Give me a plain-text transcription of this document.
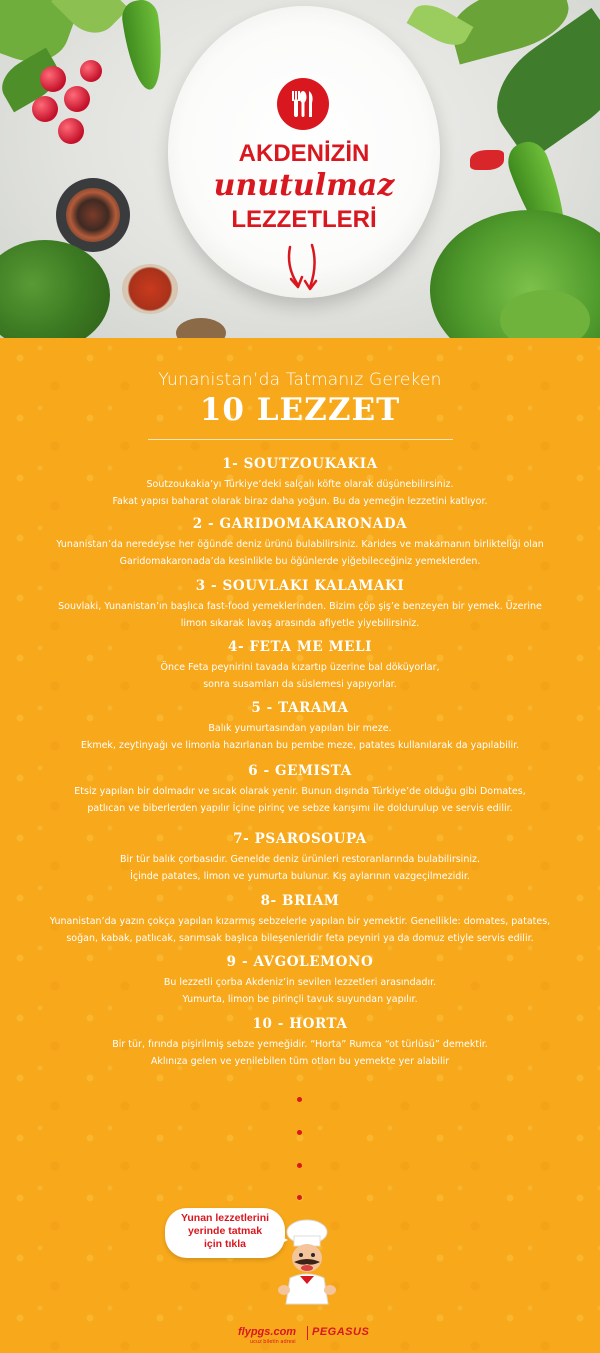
AKDENİZİN
unutulmaz
LEZZETLERİ
Yunanistan’da Tatmanız Gereken
10 LEZZET
1- SOUTZOUKAKIA
Soutzoukakia’yı Türkiye’deki salçalı köfte olarak düşünebilirsiniz.
Fakat yapısı baharat olarak biraz daha yoğun. Bu da yemeğin lezzetini katlıyor.
2 - GARIDOMAKARONADA
Yunanistan’da neredeyse her öğünde deniz ürünü bulabilirsiniz. Karides ve makarnanın birlikteliği olan
Garidomakaronada’da kesinlikle bu öğünlerde yiğebileceğiniz yemeklerden.
3 - SOUVLAKI KALAMAKI
Souvlaki, Yunanistan’ın başlıca fast-food yemeklerinden. Bizim çöp şiş’e benzeyen bir yemek. Üzerine
limon sıkarak lavaş arasında afiyetle yiyebilirsiniz.
4- FETA ME MELI
Önce Feta peynirini tavada kızartıp üzerine bal döküyorlar,
sonra susamları da süslemesi yapıyorlar.
5 - TARAMA
Balık yumurtasından yapılan bir meze.
Ekmek, zeytinyağı ve limonla hazırlanan bu pembe meze, patates kullanılarak da yapılabilir.
6 - GEMISTA
Etsiz yapılan bir dolmadır ve sıcak olarak yenir. Bunun dışında Türkiye’de olduğu gibi Domates,
patlıcan ve biberlerden yapılır İçine pirinç ve sebze karışımı ile doldurulup ve servis edilir.
7- PSAROSOUPA
Bir tür balık çorbasıdır. Genelde deniz ürünleri restoranlarında bulabilirsiniz.
İçinde patates, limon ve yumurta bulunur. Kış aylarının vazgeçilmezidir.
8- BRIAM
Yunanistan’da yazın çokça yapılan kızarmış sebzelerle yapılan bir yemektir. Genellikle: domates, patates,
soğan, kabak, patlıcak, sarımsak başlıca bileşenleridir feta peyniri ya da domuz etiyle servis edilir.
9 - AVGOLEMONO
Bu lezzetli çorba Akdeniz’in sevilen lezzetleri arasındadır.
Yumurta, limon be pirinçli tavuk suyundan yapılır.
10 - HORTA
Bir tür, fırında pişirilmiş sebze yemeğidir. “Horta” Rumca “ot türlüsü” demektir.
Aklınıza gelen ve yenilebilen tüm otları bu yemekte yer alabilir
Yunan lezzetlerini
yerinde tatmak
için tıkla
flypgs.com
ucuz biletin adresi
PEGASUS
